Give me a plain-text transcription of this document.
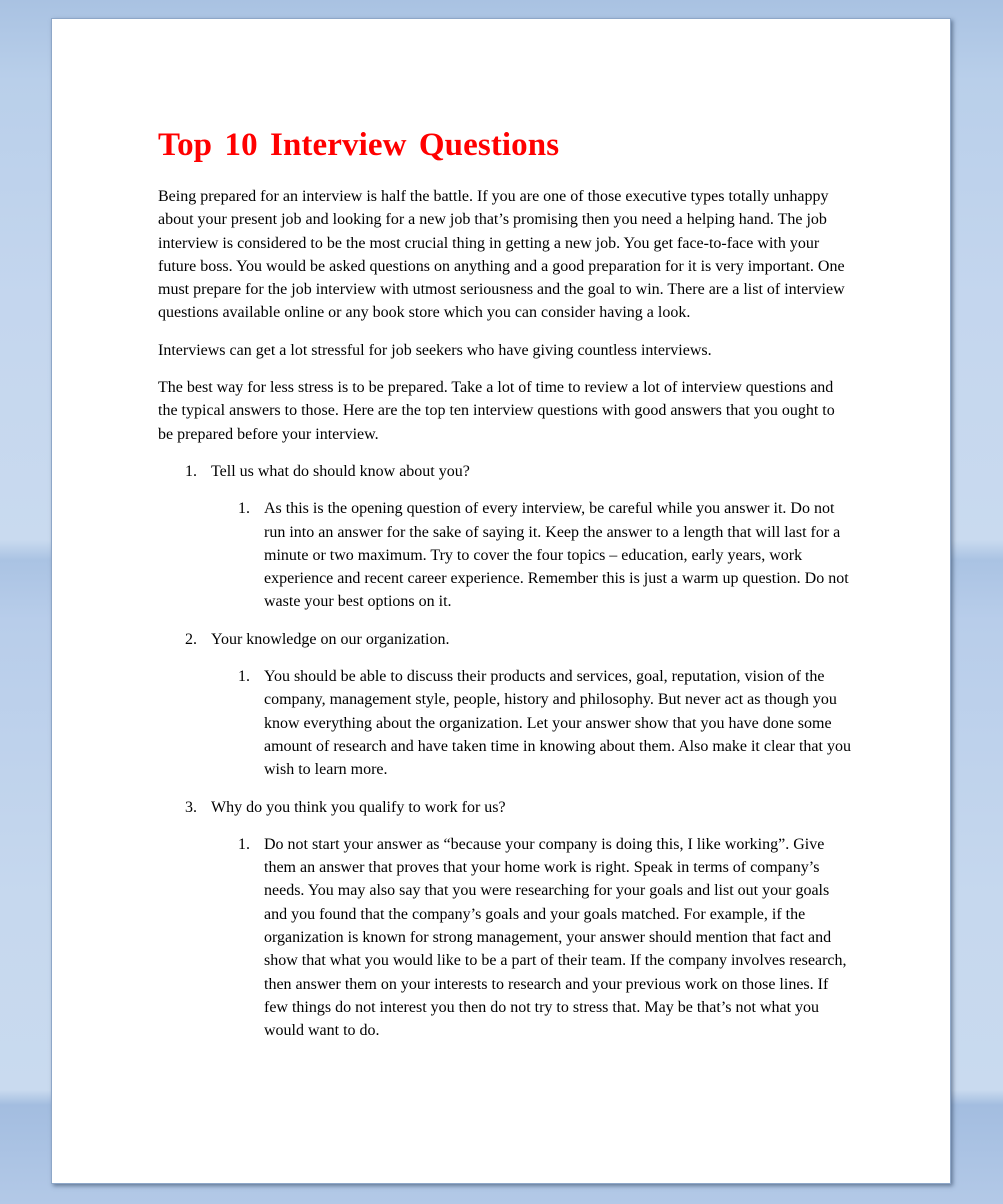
Top 10 Interview Questions

Being prepared for an interview is half the battle. If you are one of those executive types totally unhappy about your present job and looking for a new job that’s promising then you need a helping hand. The job interview is considered to be the most crucial thing in getting a new job. You get face-to-face with your future boss. You would be asked questions on anything and a good preparation for it is very important. One must prepare for the job interview with utmost seriousness and the goal to win. There are a list of interview questions available online or any book store which you can consider having a look.

Interviews can get a lot stressful for job seekers who have giving countless interviews.

The best way for less stress is to be prepared. Take a lot of time to review a lot of interview questions and the typical answers to those. Here are the top ten interview questions with good answers that you ought to be prepared before your interview.

1. Tell us what do should know about you?
1. As this is the opening question of every interview, be careful while you answer it. Do not run into an answer for the sake of saying it. Keep the answer to a length that will last for a minute or two maximum. Try to cover the four topics – education, early years, work experience and recent career experience. Remember this is just a warm up question. Do not waste your best options on it.
2. Your knowledge on our organization.
1. You should be able to discuss their products and services, goal, reputation, vision of the company, management style, people, history and philosophy. But never act as though you know everything about the organization. Let your answer show that you have done some amount of research and have taken time in knowing about them. Also make it clear that you wish to learn more.
3. Why do you think you qualify to work for us?
1. Do not start your answer as “because your company is doing this, I like working”. Give them an answer that proves that your home work is right. Speak in terms of company’s needs. You may also say that you were researching for your goals and list out your goals and you found that the company’s goals and your goals matched. For example, if the organization is known for strong management, your answer should mention that fact and show that what you would like to be a part of their team. If the company involves research, then answer them on your interests to research and your previous work on those lines. If few things do not interest you then do not try to stress that. May be that’s not what you would want to do.
